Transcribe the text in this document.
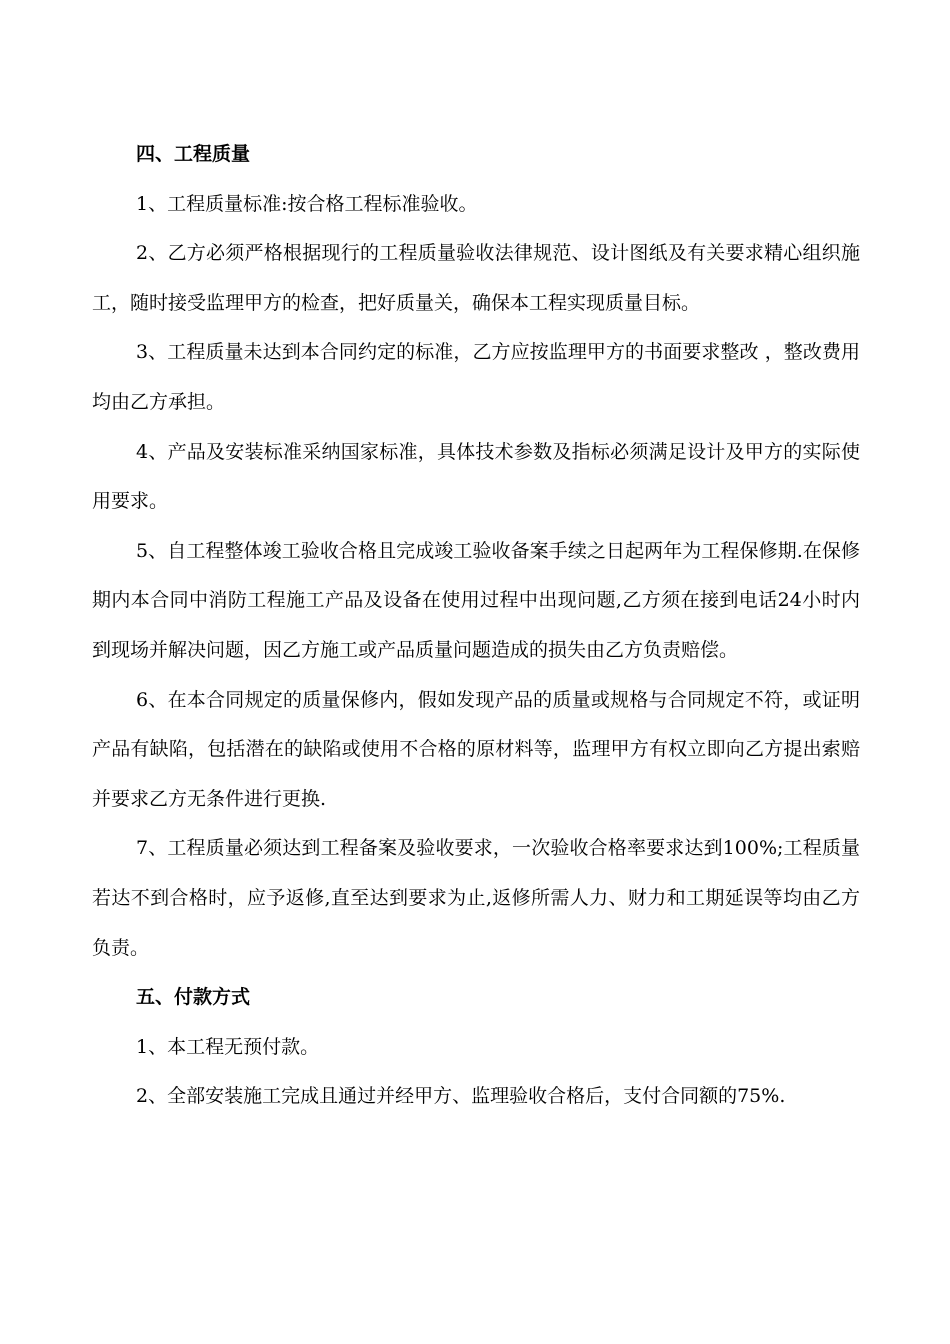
四、工程质量

1、工程质量标准:按合格工程标准验收。

2、乙方必须严格根据现行的工程质量验收法律规范、设计图纸及有关要求精心组织施工，随时接受监理甲方的检查，把好质量关，确保本工程实现质量目标。

3、工程质量未达到本合同约定的标准，乙方应按监理甲方的书面要求整改 ，整改费用均由乙方承担。

4、产品及安装标准采纳国家标准，具体技术参数及指标必须满足设计及甲方的实际使用要求。

5、自工程整体竣工验收合格且完成竣工验收备案手续之日起两年为工程保修期.在保修期内本合同中消防工程施工产品及设备在使用过程中出现问题,乙方须在接到电话24小时内到现场并解决问题，因乙方施工或产品质量问题造成的损失由乙方负责赔偿。

6、在本合同规定的质量保修内，假如发现产品的质量或规格与合同规定不符，或证明产品有缺陷，包括潜在的缺陷或使用不合格的原材料等，监理甲方有权立即向乙方提出索赔并要求乙方无条件进行更换.

7、工程质量必须达到工程备案及验收要求，一次验收合格率要求达到100%;工程质量若达不到合格时，应予返修,直至达到要求为止,返修所需人力、财力和工期延误等均由乙方负责。

五、付款方式

1、本工程无预付款。

2、全部安装施工完成且通过并经甲方、监理验收合格后，支付合同额的75%.
